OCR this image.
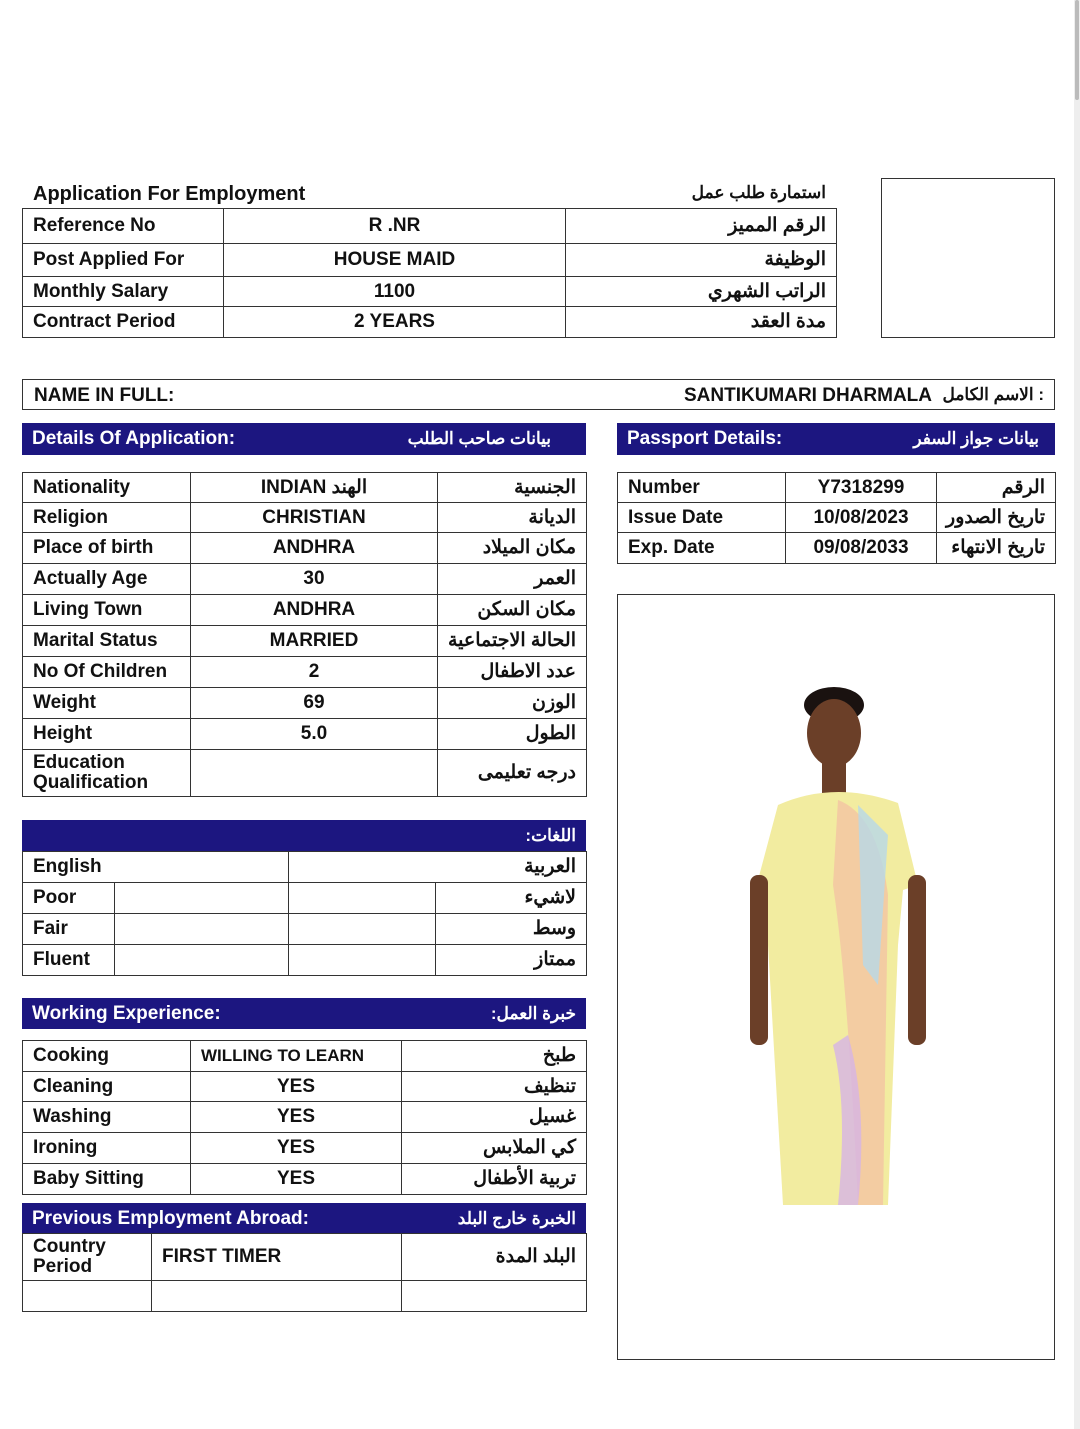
Application For Employment	استمارة طلب عمل
Reference No	R .NR	الرقم المميز
Post Applied For	HOUSE MAID	الوظيفة
Monthly Salary	1100	الراتب الشهري
Contract Period	2 YEARS	مدة العقد
NAME IN FULL:	SANTIKUMARI DHARMALA : الاسم الكامل
Details Of Application:	بيانات صاحب الطلب	Passport Details:	بيانات جواز السفر
Nationality	INDIAN الهند	الجنسية
Religion	CHRISTIAN	الديانة
Place of birth	ANDHRA	مكان الميلاد
Actually Age	30	العمر
Living Town	ANDHRA	مكان السكن
Marital Status	MARRIED	الحالة الاجتماعية
No Of Children	2	عدد الاطفال
Weight	69	الوزن
Height	5.0	الطول
Education Qualification		درجه تعليمى
Number	Y7318299	الرقم
Issue Date	10/08/2023	تاريخ الصدور
Exp. Date	09/08/2033	تاريخ الانتهاء
اللغات:
English		العربية	
Poor			لاشيء
Fair			وسط
Fluent			ممتاز
Working Experience:	خبرة العمل:
Cooking	WILLING TO LEARN	طبخ
Cleaning	YES	تنظيف
Washing	YES	غسيل
Ironing	YES	كي الملابس
Baby Sitting	YES	تربية الأطفال
Previous Employment Abroad:	الخبرة خارج البلد
Country Period	FIRST TIMER	البلد المدة
